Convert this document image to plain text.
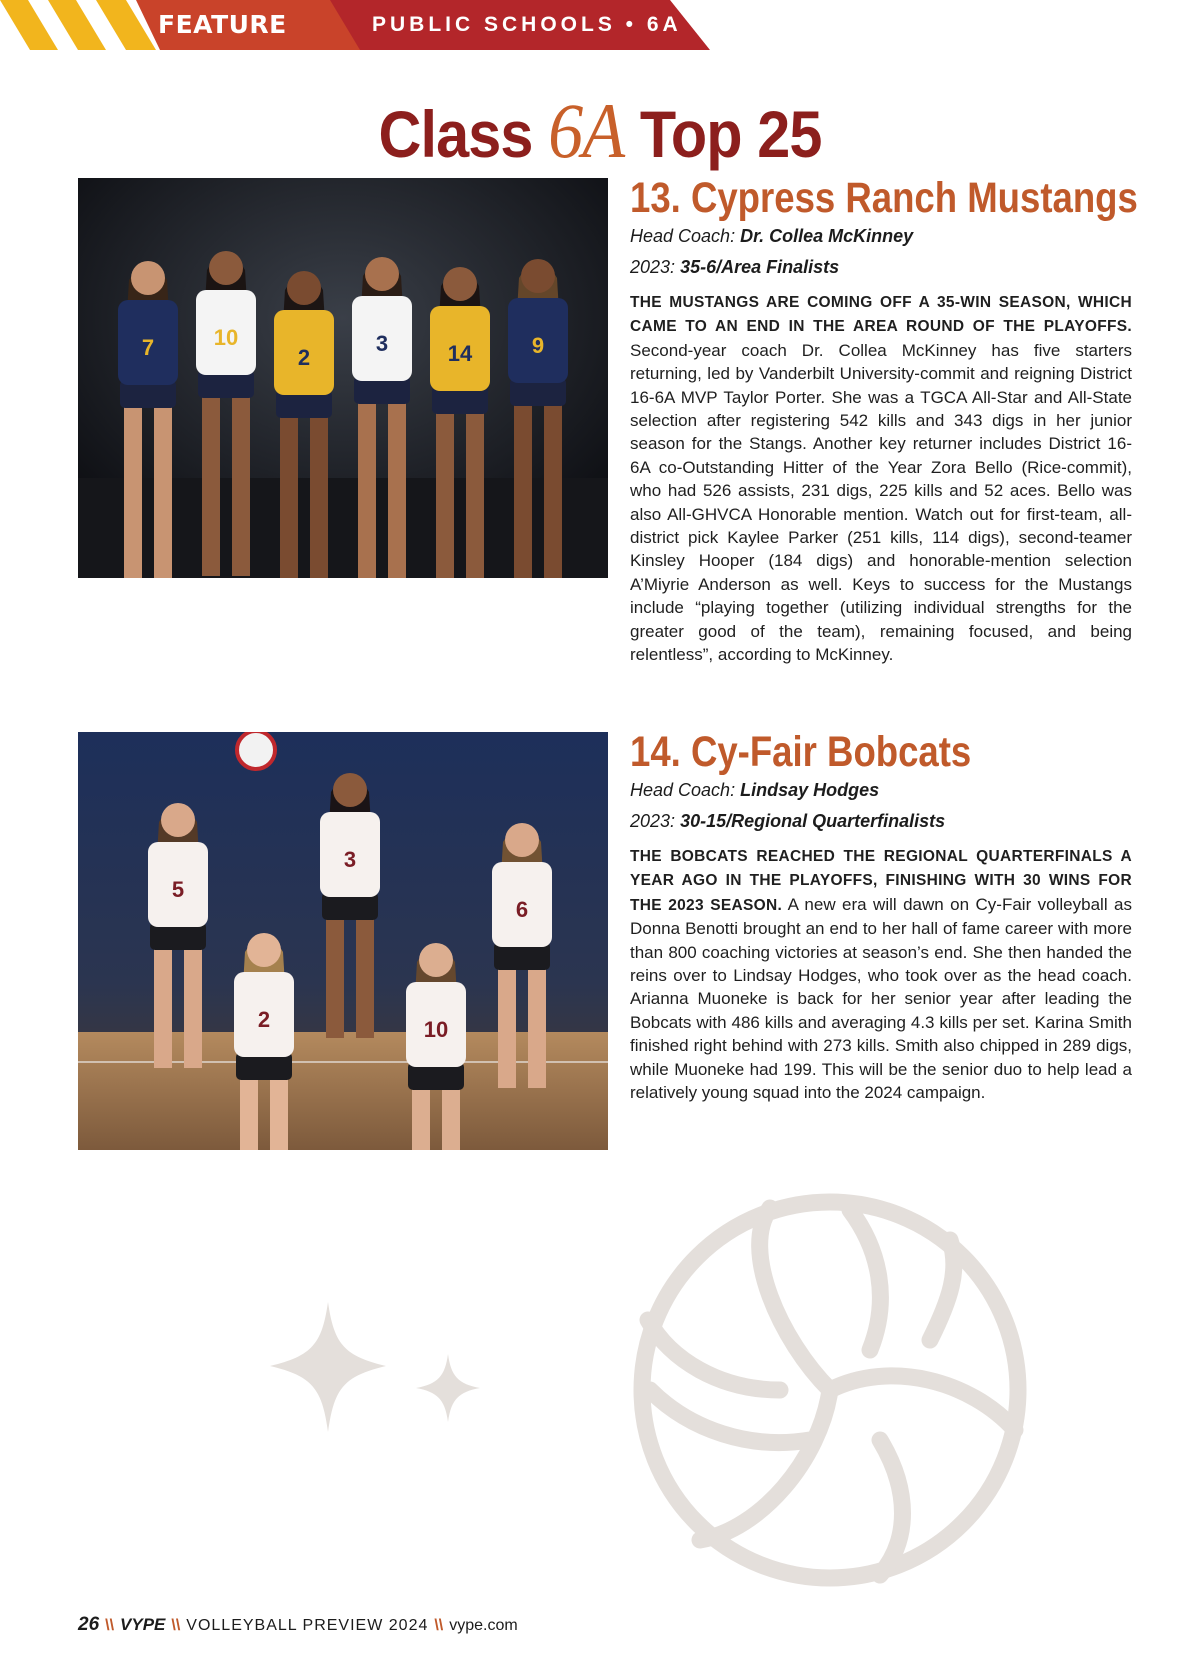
FEATURE	PUBLIC SCHOOLS • 6A
Class 6A Top 25
7	10
2
3	14	9
13. Cypress Ranch Mustangs

Head Coach: Dr. Collea McKinney

2023: 35-6/Area Finalists

THE MUSTANGS ARE COMING OFF A 35-WIN SEASON, WHICH CAME TO AN END IN THE AREA ROUND OF THE PLAYOFFS. Second-year coach Dr. Collea McKinney has five starters returning, led by Vanderbilt University-commit and reigning District 16-6A MVP Taylor Porter. She was a TGCA All-Star and All-State selection after registering 542 kills and 343 digs in her junior season for the Stangs. Another key returner includes District 16-6A co-Outstanding Hitter of the Year Zora Bello (Rice-commit), who had 526 assists, 231 digs, 225 kills and 52 aces. Bello was also All-GHVCA Honorable mention. Watch out for first-team, all-district pick Kaylee Parker (251 kills, 114 digs), second-teamer Kinsley Hooper (184 digs) and honorable-mention selection A’Miyrie Anderson as well. Keys to success for the Mustangs include “playing together (utilizing individual strengths for the greater good of the team), remaining focused, and being relentless”, according to McKinney.

5
2
3
10
6
14. Cy-Fair Bobcats

Head Coach: Lindsay Hodges

2023: 30-15/Regional Quarterfinalists

THE BOBCATS REACHED THE REGIONAL QUARTERFINALS A YEAR AGO IN THE PLAYOFFS, FINISHING WITH 30 WINS FOR THE 2023 SEASON. A new era will dawn on Cy-Fair volleyball as Donna Benotti brought an end to her hall of fame career with more than 800 coaching victories at season’s end. She then handed the reins over to Lindsay Hodges, who took over as the head coach. Arianna Muoneke is back for her senior year after leading the Bobcats with 486 kills and averaging 4.3 kills per set. Karina Smith finished right behind with 273 kills. Smith also chipped in 289 digs, while Muoneke had 199. This will be the senior duo to help lead a relatively young squad into the 2024 campaign.

26 \\ VYPE \\ VOLLEYBALL PREVIEW 2024 \\ vype.com
